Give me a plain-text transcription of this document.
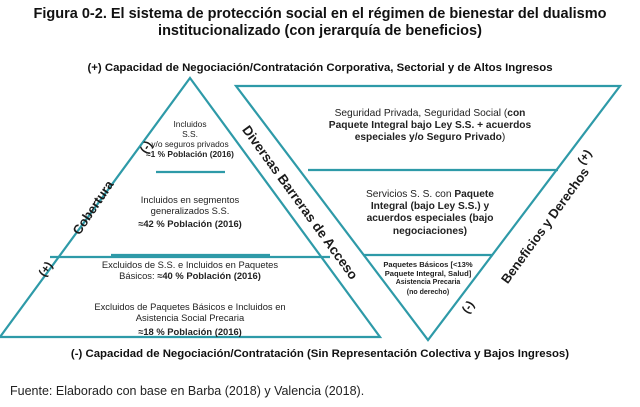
Figura 0-2. El sistema de protección social en el régimen de bienestar del dualismo
institucionalizado (con jerarquía de beneficios)
(+) Capacidad de Negociación/Contratación Corporativa, Sectorial y de Altos Ingresos
(-) Capacidad de Negociación/Contratación (Sin Representación Colectiva y Bajos Ingresos)
Incluidos
S.S.
y/o seguros privados
≈1 % Población (2016)
Incluidos en segmentos
generalizados S.S.
≈42 % Población (2016)
Excluidos de S.S. e Incluidos en Paquetes
Básicos: ≈40 % Población (2016)
Excluidos de Paquetes Básicos e Incluidos en
Asistencia Social Precaria
≈18 % Población (2016)
Seguridad Privada, Seguridad Social (con
Paquete Integral bajo Ley S.S. + acuerdos
especiales y/o Seguro Privado)
Servicios S. S. con Paquete
Integral (bajo Ley S.S.) y
acuerdos especiales (bajo
negociaciones)
Paquetes Básicos [<13%
Paquete Integral, Salud]
Asistencia Precaria
(no derecho)
Cobertura
(-)
(+)	Diversas Barreras de Acceso	Beneficios y Derechos
(+)
(-)
Fuente: Elaborado con base en Barba (2018) y Valencia (2018).
